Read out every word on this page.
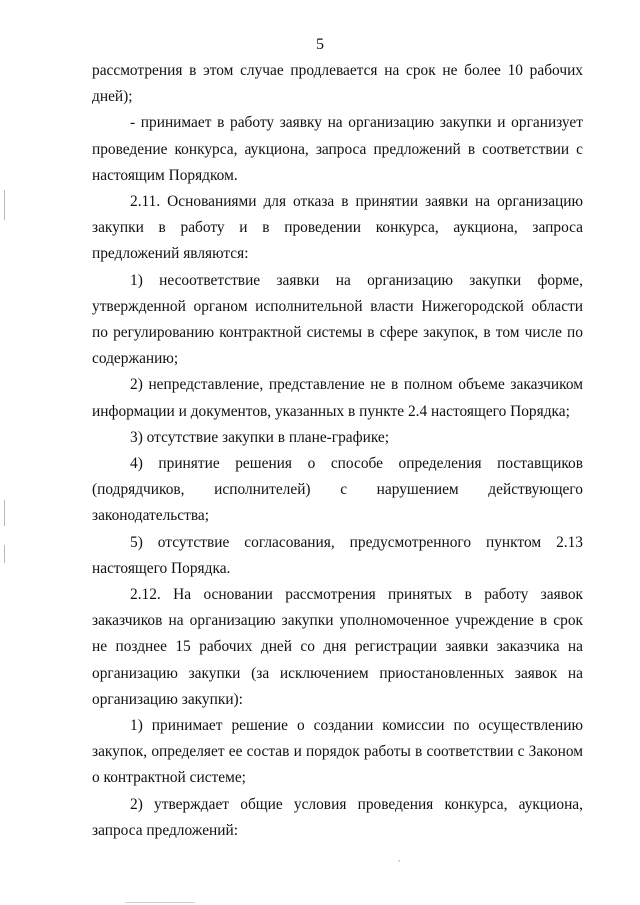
5

рассмотрения в этом случае продлевается на срок не более 10 рабочих дней);

- принимает в работу заявку на организацию закупки и организует проведение конкурса, аукциона, запроса предложений в соответствии с настоящим Порядком.

2.11. Основаниями для отказа в принятии заявки на организацию закупки в работу и в проведении конкурса, аукциона, запроса предложений являются:

1) несоответствие заявки на организацию закупки форме, утвержденной органом исполнительной власти Нижегородской области по регулированию контрактной системы в сфере закупок, в том числе по содержанию;

2) непредставление, представление не в полном объеме заказчиком информации и документов, указанных в пункте 2.4 настоящего Порядка;

3) отсутствие закупки в плане-графике;

4) принятие решения о способе определения поставщиков (подрядчиков, исполнителей) с нарушением действующего законодательства;

5) отсутствие согласования, предусмотренного пунктом 2.13 настоящего Порядка.

2.12. На основании рассмотрения принятых в работу заявок заказчиков на организацию закупки уполномоченное учреждение в срок не позднее 15 рабочих дней со дня регистрации заявки заказчика на организацию закупки (за исключением приостановленных заявок на организацию закупки):

1) принимает решение о создании комиссии по осуществлению закупок, определяет ее состав и порядок работы в соответствии с Законом о контрактной системе;

2) утверждает общие условия проведения конкурса, аукциона, запроса предложений:
